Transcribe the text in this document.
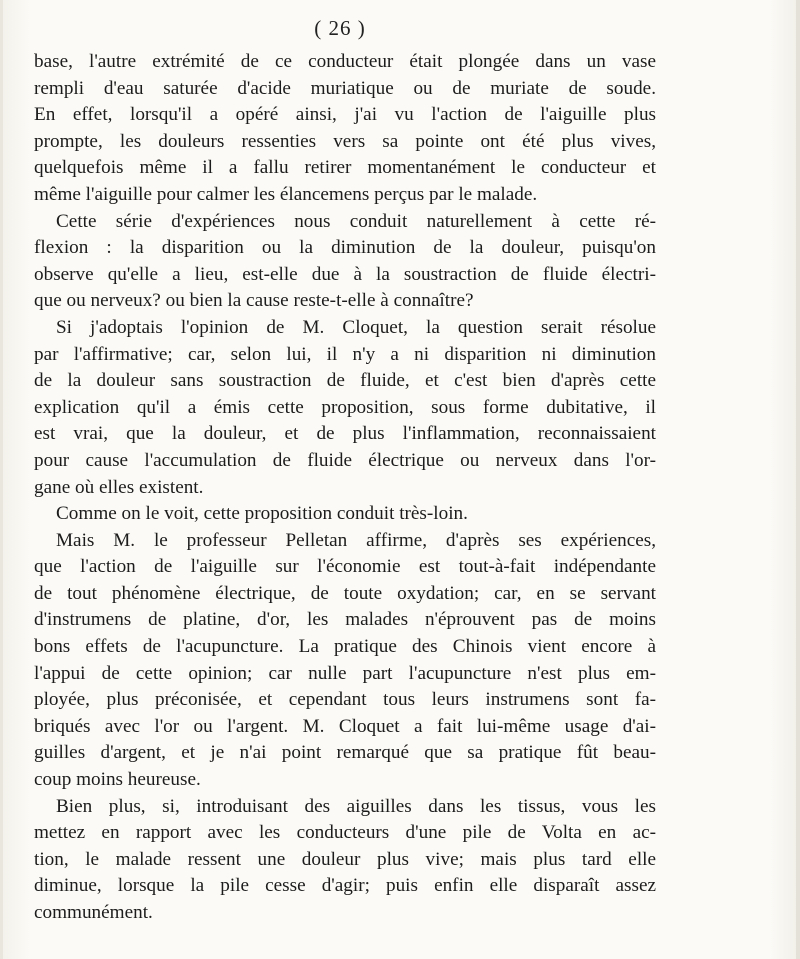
( 26 )
base, l'autre extrémité de ce conducteur était plongée dans un vase
rempli d'eau saturée d'acide muriatique ou de muriate de soude.
En effet, lorsqu'il a opéré ainsi, j'ai vu l'action de l'aiguille plus
prompte, les douleurs ressenties vers sa pointe ont été plus vives,
quelquefois même il a fallu retirer momentanément le conducteur et
même l'aiguille pour calmer les élancemens perçus par le malade.
Cette série d'expériences nous conduit naturellement à cette ré-
flexion : la disparition ou la diminution de la douleur, puisqu'on
observe qu'elle a lieu, est-elle due à la soustraction de fluide électri-
que ou nerveux? ou bien la cause reste-t-elle à connaître?
Si j'adoptais l'opinion de M. Cloquet, la question serait résolue
par l'affirmative; car, selon lui, il n'y a ni disparition ni diminution
de la douleur sans soustraction de fluide, et c'est bien d'après cette
explication qu'il a émis cette proposition, sous forme dubitative, il
est vrai, que la douleur, et de plus l'inflammation, reconnaissaient
pour cause l'accumulation de fluide électrique ou nerveux dans l'or-
gane où elles existent.
Comme on le voit, cette proposition conduit très-loin.
Mais M. le professeur Pelletan affirme, d'après ses expériences,
que l'action de l'aiguille sur l'économie est tout-à-fait indépendante
de tout phénomène électrique, de toute oxydation; car, en se servant
d'instrumens de platine, d'or, les malades n'éprouvent pas de moins
bons effets de l'acupuncture. La pratique des Chinois vient encore à
l'appui de cette opinion; car nulle part l'acupuncture n'est plus em-
ployée, plus préconisée, et cependant tous leurs instrumens sont fa-
briqués avec l'or ou l'argent. M. Cloquet a fait lui-même usage d'ai-
guilles d'argent, et je n'ai point remarqué que sa pratique fût beau-
coup moins heureuse.
Bien plus, si, introduisant des aiguilles dans les tissus, vous les
mettez en rapport avec les conducteurs d'une pile de Volta en ac-
tion, le malade ressent une douleur plus vive; mais plus tard elle
diminue, lorsque la pile cesse d'agir; puis enfin elle disparaît assez
communément.
